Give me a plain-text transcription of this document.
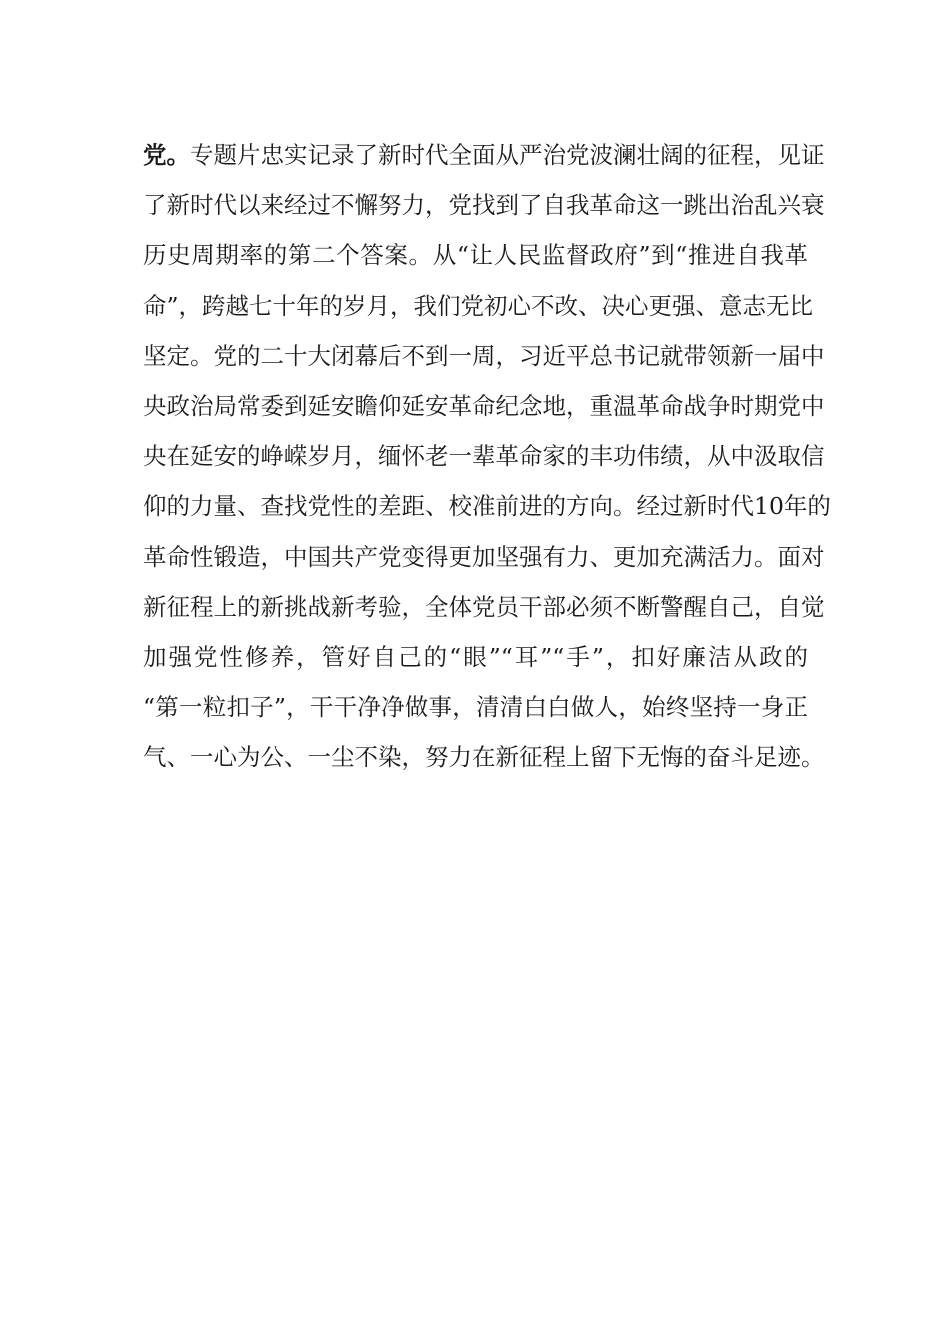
党。专题片忠实记录了新时代全面从严治党波澜壮阔的征程，见证
了新时代以来经过不懈努力，党找到了自我革命这一跳出治乱兴衰
历史周期率的第二个答案。从“让人民监督政府”到“推进自我革
命”，跨越七十年的岁月，我们党初心不改、决心更强、意志无比
坚定。党的二十大闭幕后不到一周，习近平总书记就带领新一届中
央政治局常委到延安瞻仰延安革命纪念地，重温革命战争时期党中
央在延安的峥嵘岁月，缅怀老一辈革命家的丰功伟绩，从中汲取信
仰的力量、查找党性的差距、校准前进的方向。经过新时代10年的
革命性锻造，中国共产党变得更加坚强有力、更加充满活力。面对
新征程上的新挑战新考验，全体党员干部必须不断警醒自己，自觉
加强党性修养，管好自己的“眼”“耳”“手”，扣好廉洁从政的
“第一粒扣子”，干干净净做事，清清白白做人，始终坚持一身正
气、一心为公、一尘不染，努力在新征程上留下无悔的奋斗足迹。
